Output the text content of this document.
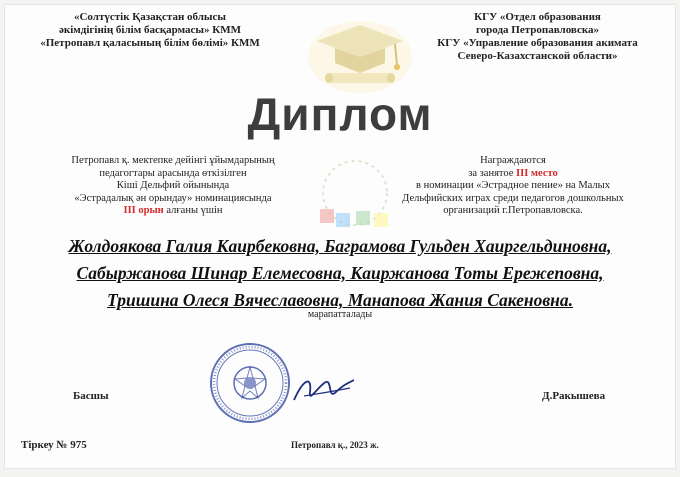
«Солтүстік Қазақстан облысы
әкімдігінің білім басқармасы» КММ
«Петропавл қаласының білім бөлімі» КММ
КГУ «Отдел образования
города Петропавловска»
КГУ «Управление образования акимата
Северо-Казахстанской области»
Диплом
Петропавл қ. мектепке дейінгі ұйымдарының
педагогтары арасында өткізілген
Кіші Дельфий ойынында
«Эстрадалық ән орындау» номинациясында
III орын алғаны үшін
Награждаются
за занятое III место
в номинации «Эстрадное пение» на Малых
Дельфийских играх среди педагогов дошкольных
организаций г.Петропавловска.
Жолдоякова Галия Каирбековна, Баграмова Гульден Хаиргельдиновна,
Сабыржанова Шинар Елемесовна, Каиржанова Тоты Ережеповна,
Тришина Олеся Вячеславовна, Манапова Жания Сакеновна.
марапатталады
Басшы	Д.Ракышева
Тіркеу № 975	Петропавл қ., 2023 ж.
